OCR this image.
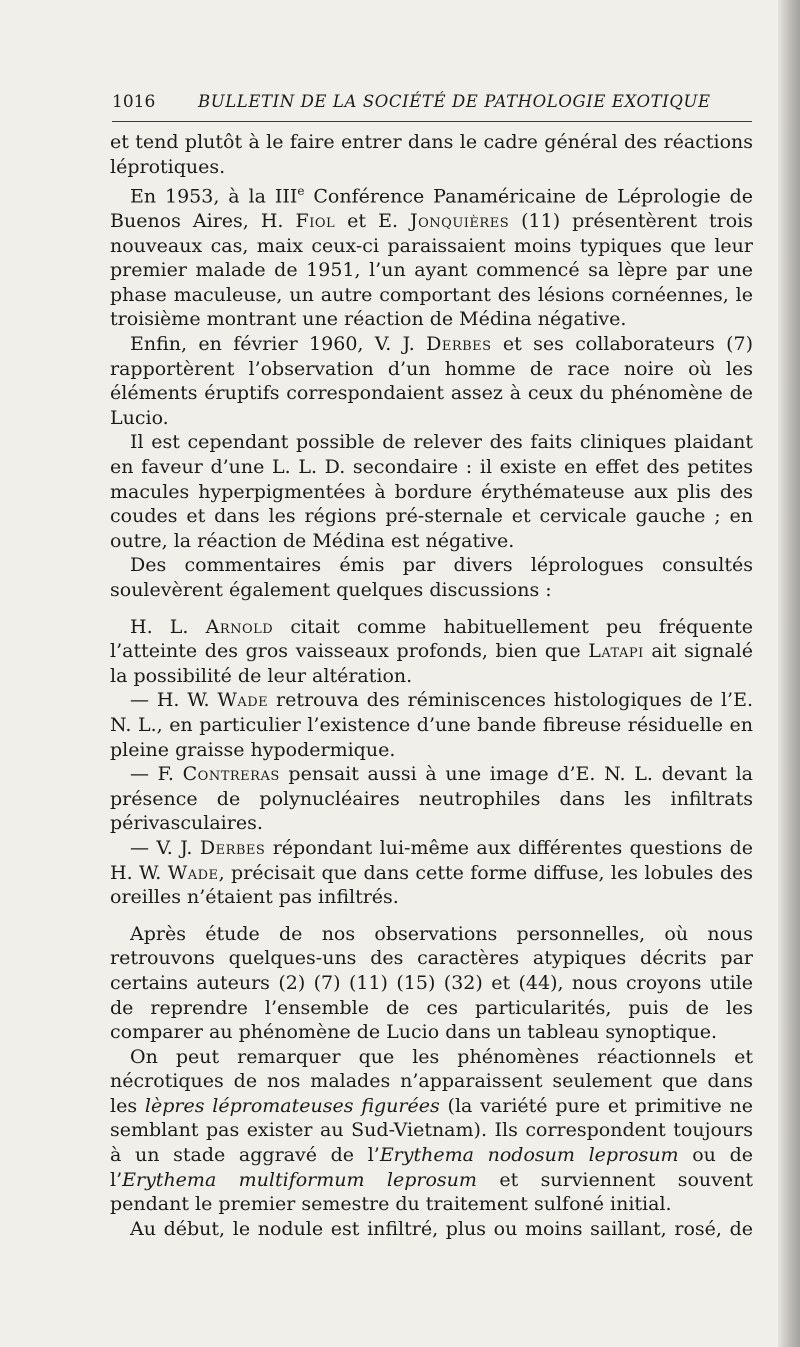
1016	BULLETIN DE LA SOCIÉTÉ DE PATHOLOGIE EXOTIQUE

et tend plutôt à le faire entrer dans le cadre général des réactions léprotiques.

En 1953, à la IIIe Conférence Panaméricaine de Léprologie de Buenos Aires, H. Fiol et E. Jonquières (11) présentèrent trois nouveaux cas, maix ceux-ci paraissaient moins typiques que leur premier malade de 1951, l’un ayant commencé sa lèpre par une phase maculeuse, un autre comportant des lésions cornéennes, le troisième montrant une réaction de Médina négative.

Enfin, en février 1960, V. J. Derbes et ses collaborateurs (7) rapportèrent l’observation d’un homme de race noire où les éléments éruptifs correspondaient assez à ceux du phénomène de Lucio.

Il est cependant possible de relever des faits cliniques plaidant en faveur d’une L. L. D. secondaire : il existe en effet des petites macules hyperpigmentées à bordure érythémateuse aux plis des coudes et dans les régions pré-sternale et cervicale gauche ; en outre, la réaction de Médina est négative.

Des commentaires émis par divers léprologues consultés soulevèrent également quelques discussions :

H. L. Arnold citait comme habituellement peu fréquente l’atteinte des gros vaisseaux profonds, bien que Latapi ait signalé la possibilité de leur altération.

— H. W. Wade retrouva des réminiscences histologiques de l’E. N. L., en particulier l’existence d’une bande fibreuse résiduelle en pleine graisse hypodermique.

— F. Contreras pensait aussi à une image d’E. N. L. devant la présence de polynucléaires neutrophiles dans les infiltrats périvasculaires.

— V. J. Derbes répondant lui-même aux différentes questions de H. W. Wade, précisait que dans cette forme diffuse, les lobules des oreilles n’étaient pas infiltrés.

Après étude de nos observations personnelles, où nous retrouvons quelques-uns des caractères atypiques décrits par certains auteurs (2) (7) (11) (15) (32) et (44), nous croyons utile de reprendre l’ensemble de ces particularités, puis de les comparer au phénomène de Lucio dans un tableau synoptique.

On peut remarquer que les phénomènes réactionnels et nécrotiques de nos malades n’apparaissent seulement que dans les lèpres lépromateuses figurées (la variété pure et primitive ne semblant pas exister au Sud-Vietnam). Ils correspondent toujours à un stade aggravé de l’Erythema nodosum leprosum ou de l’Erythema multiformum leprosum et surviennent souvent pendant le premier semestre du traitement sulfoné initial.

Au début, le nodule est infiltré, plus ou moins saillant, rosé, de
